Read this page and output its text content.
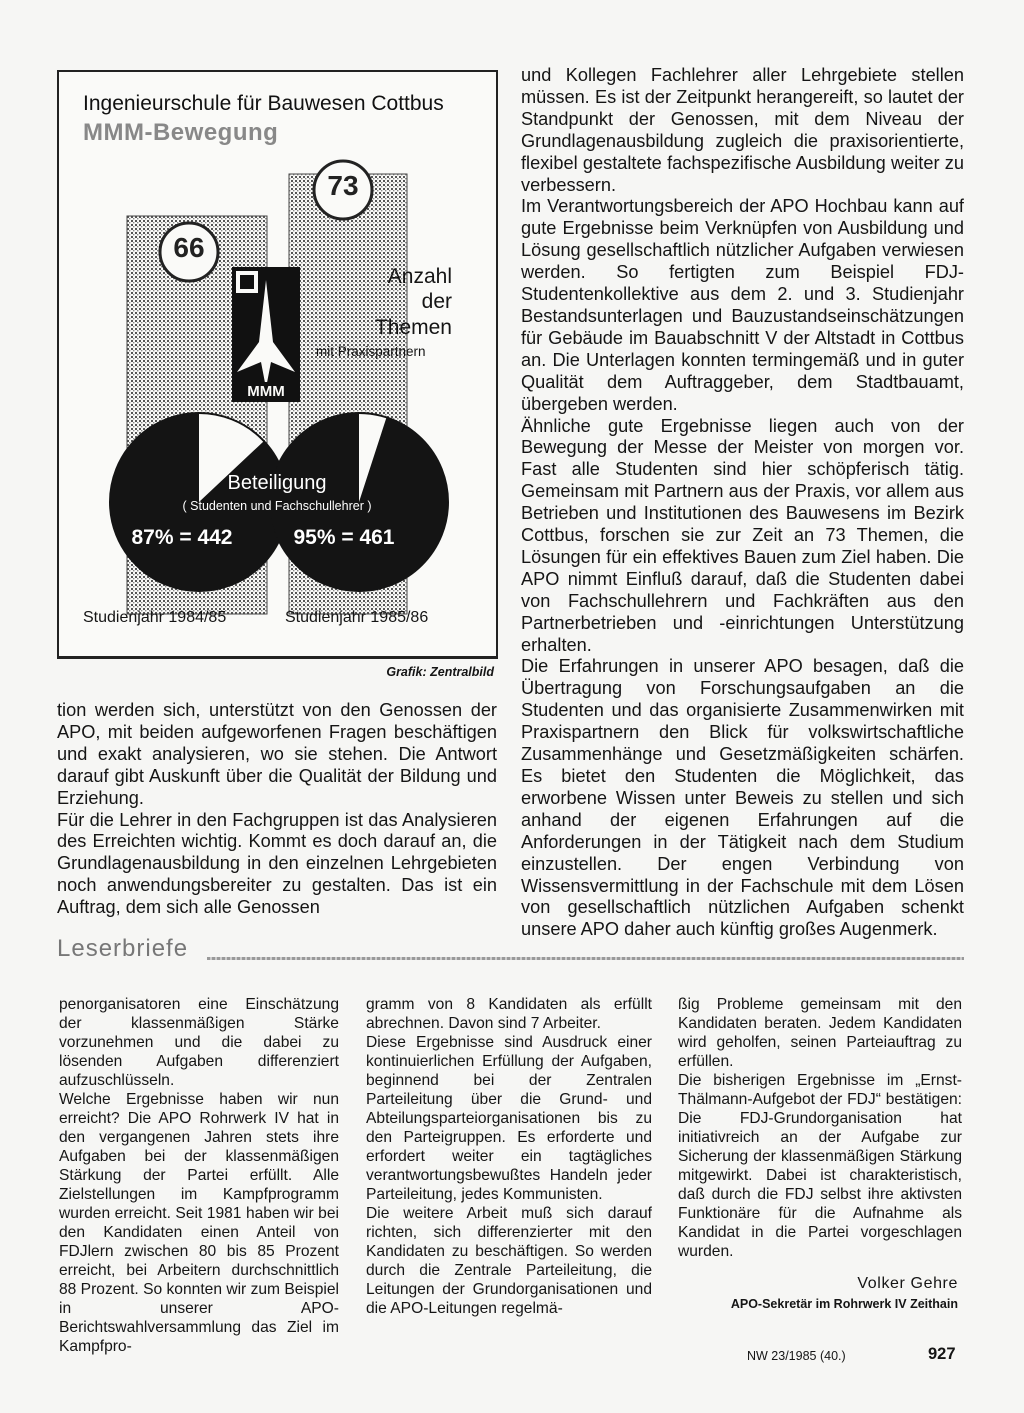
Ingenieurschule für Bauwesen Cottbus
MMM-Bewegung
66
73
Anzahl
der
Themen
mit Praxispartnern
MMM
Beteiligung
( Studenten und Fachschullehrer )
87% = 442	95% = 461
Studienjahr 1984/85	Studienjahr 1985/86
Grafik: Zentralbild

und Kollegen Fachlehrer aller Lehrgebiete stellen müssen. Es ist der Zeitpunkt herangereift, so lautet der Standpunkt der Genossen, mit dem Niveau der Grundlagenausbildung zugleich die praxisorientierte, flexibel gestaltete fachspezifische Ausbildung weiter zu verbessern.

Im Verantwortungsbereich der APO Hochbau kann auf gute Ergebnisse beim Verknüpfen von Ausbildung und Lösung gesellschaftlich nützlicher Aufgaben verwiesen werden. So fertigten zum Beispiel FDJ-Studentenkollektive aus dem 2. und 3. Studienjahr Bestandsunterlagen und Bauzustandseinschätzungen für Gebäude im Bauabschnitt V der Altstadt in Cottbus an. Die Unterlagen konnten termingemäß und in guter Qualität dem Auftraggeber, dem Stadtbauamt, übergeben werden.

Ähnliche gute Ergebnisse liegen auch von der Bewegung der Messe der Meister von morgen vor. Fast alle Studenten sind hier schöpferisch tätig. Gemeinsam mit Partnern aus der Praxis, vor allem aus Betrieben und Institutionen des Bauwesens im Bezirk Cottbus, forschen sie zur Zeit an 73 Themen, die Lösungen für ein effektives Bauen zum Ziel haben. Die APO nimmt Einfluß darauf, daß die Studenten dabei von Fachschullehrern und Fachkräften aus den Partnerbetrieben und -einrichtungen Unterstützung erhalten.

Die Erfahrungen in unserer APO besagen, daß die Übertragung von Forschungsaufgaben an die Studenten und das organisierte Zusammenwirken mit Praxispartnern den Blick für volkswirtschaftliche Zusammenhänge und Gesetzmäßigkeiten schärfen. Es bietet den Studenten die Möglichkeit, das erworbene Wissen unter Beweis zu stellen und sich anhand der eigenen Erfahrungen auf die Anforderungen in der Tätigkeit nach dem Studium einzustellen. Der engen Verbindung von Wissensvermittlung in der Fachschule mit dem Lösen von gesellschaftlich nützlichen Aufgaben schenkt unsere APO daher auch künftig großes Augenmerk.

tion werden sich, unterstützt von den Genossen der APO, mit beiden aufgeworfenen Fragen beschäftigen und exakt analysieren, wo sie stehen. Die Antwort darauf gibt Auskunft über die Qualität der Bildung und Erziehung.

Für die Lehrer in den Fachgruppen ist das Analysieren des Erreichten wichtig. Kommt es doch darauf an, die Grundlagenausbildung in den einzelnen Lehrgebieten noch anwendungsbereiter zu gestalten. Das ist ein Auftrag, dem sich alle Genossen

Leserbriefe

penorganisatoren eine Einschätzung der klassenmäßigen Stärke vorzunehmen und die dabei zu lösenden Aufgaben differenziert aufzuschlüsseln.

Welche Ergebnisse haben wir nun erreicht? Die APO Rohrwerk IV hat in den vergangenen Jahren stets ihre Aufgaben bei der klassenmäßigen Stärkung der Partei erfüllt. Alle Zielstellungen im Kampfprogramm wurden erreicht. Seit 1981 haben wir bei den Kandidaten einen Anteil von FDJlern zwischen 80 bis 85 Prozent erreicht, bei Arbeitern durchschnittlich 88 Prozent. So konnten wir zum Beispiel in unserer APO-Berichtswahlversammlung das Ziel im Kampfpro-

gramm von 8 Kandidaten als erfüllt abrechnen. Davon sind 7 Arbeiter.

Diese Ergebnisse sind Ausdruck einer kontinuierlichen Erfüllung der Aufgaben, beginnend bei der Zentralen Parteileitung über die Grund- und Abteilungsparteiorganisationen bis zu den Parteigruppen. Es erforderte und erfordert weiter ein tagtägliches verantwortungsbewußtes Handeln jeder Parteileitung, jedes Kommunisten.

Die weitere Arbeit muß sich darauf richten, sich differenzierter mit den Kandidaten zu beschäftigen. So werden durch die Zentrale Parteileitung, die Leitungen der Grundorganisationen und die APO-Leitungen regelmä-

ßig Probleme gemeinsam mit den Kandidaten beraten. Jedem Kandidaten wird geholfen, seinen Parteiauftrag zu erfüllen.

Die bisherigen Ergebnisse im „Ernst-Thälmann-Aufgebot der FDJ“ bestätigen: Die FDJ-Grundorganisation hat initiativreich an der Aufgabe zur Sicherung der klassenmäßigen Stärkung mitgewirkt. Dabei ist charakteristisch, daß durch die FDJ selbst ihre aktivsten Funktionäre für die Aufnahme als Kandidat in die Partei vorgeschlagen wurden.

Volker Gehre
APO-Sekretär im Rohrwerk IV Zeithain
NW 23/1985 (40.)	927
